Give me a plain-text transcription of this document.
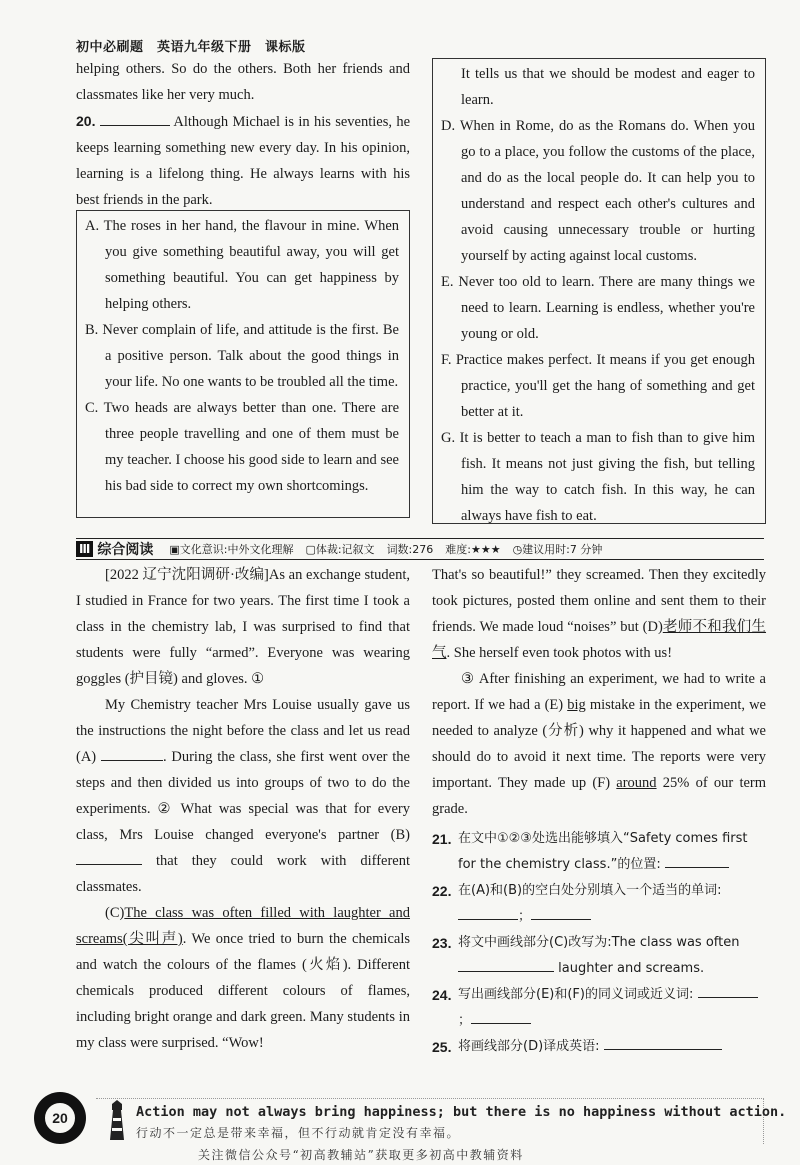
初中必刷题　英语九年级下册　课标版
helping others. So do the others. Both her friends and classmates like her very much.
20.	Although Michael is in his seventies, he keeps learning something new every day. In his opinion, learning is a lifelong thing. He always learns with his best friends in the park.
A. The roses in her hand, the flavour in mine. When you give something beautiful away, you will get something beautiful. You can get happiness by helping others.
B. Never complain of life, and attitude is the first. Be a positive person. Talk about the good things in your life. No one wants to be troubled all the time.
C. Two heads are always better than one. There are three people travelling and one of them must be my teacher. I choose his good side to learn and see his bad side to correct my own shortcomings.
It tells us that we should be modest and eager to learn.
D. When in Rome, do as the Romans do. When you go to a place, you follow the customs of the place, and do as the local people do. It can help you to understand and respect each other's cultures and avoid causing unnecessary trouble or hurting yourself by acting against local customs.
E. Never too old to learn. There are many things we need to learn. Learning is endless, whether you're young or old.
F. Practice makes perfect. It means if you get enough practice, you'll get the hang of something and get better at it.
G. It is better to teach a man to fish than to give him fish. It means not just giving the fish, but telling him the way to catch fish. In this way, he can always have fish to eat.
Ⅲ 综合阅读 ▣文化意识:中外文化理解 ▢体裁:记叙文 词数:276 难度:★★★ ◷建议用时:7 分钟
[2022 辽宁沈阳调研·改编]As an exchange student, I studied in France for two years. The first time I took a class in the chemistry lab, I was surprised to find that students were fully “armed”. Everyone was wearing goggles (护目镜) and gloves. ①
My Chemistry teacher Mrs Louise usually gave us the instructions the night before the class and let us read (A)	. During the class, she first went over the steps and then divided us into groups of two to do the experiments. ② What was special was that for every class, Mrs Louise changed everyone's partner (B)  that they could work with different classmates.
(C)The class was often filled with laughter and screams(尖叫声). We once tried to burn the chemicals and watch the colours of the flames (火焰). Different chemicals produced different colours of flames, including bright orange and dark green. Many students in my class were surprised. “Wow!
That's so beautiful!” they screamed. Then they excitedly took pictures, posted them online and sent them to their friends. We made loud “noises” but (D)老师不和我们生气. She herself even took photos with us!
③ After finishing an experiment, we had to write a report. If we had a (E) big mistake in the experiment, we needed to analyze (分析) why it happened and what we should do to avoid it next time. The reports were very important. They made up (F) around 25% of our term grade.
21. 在文中①②③处选出能够填入“Safety comes first for the chemistry class.”的位置:
22. 在(A)和(B)的空白处分别填入一个适当的单词: ；
23. 将文中画线部分(C)改写为:The class was often  laughter and screams.
24. 写出画线部分(E)和(F)的同义词或近义词: ；
25. 将画线部分(D)译成英语:
20	Action may not always bring happiness; but there is no happiness without action.
行动不一定总是带来幸福，但不行动就肯定没有幸福。
关注微信公众号“初高教辅站”获取更多初高中教辅资料
